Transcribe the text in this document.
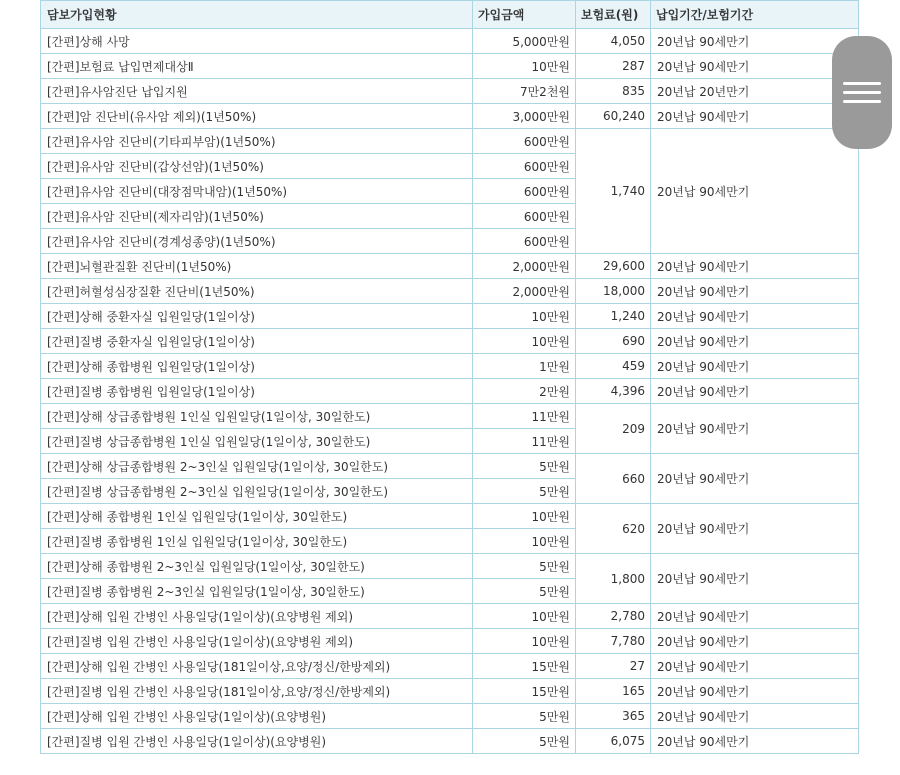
담보가입현황	가입금액	보험료(원)	납입기간/보험기간
[간편]상해 사망	5,000만원	4,050	20년납 90세만기
[간편]보험료 납입면제대상Ⅱ	10만원	287	20년납 90세만기
[간편]유사암진단 납입지원	7만2천원	835	20년납 20년만기
[간편]암 진단비(유사암 제외)(1년50%)	3,000만원	60,240	20년납 90세만기
[간편]유사암 진단비(기타피부암)(1년50%)	600만원	1,740	20년납 90세만기
[간편]유사암 진단비(갑상선암)(1년50%)	600만원		
[간편]유사암 진단비(대장점막내암)(1년50%)	600만원		
[간편]유사암 진단비(제자리암)(1년50%)	600만원		
[간편]유사암 진단비(경계성종양)(1년50%)	600만원		
[간편]뇌혈관질환 진단비(1년50%)	2,000만원	29,600	20년납 90세만기
[간편]허혈성심장질환 진단비(1년50%)	2,000만원	18,000	20년납 90세만기
[간편]상해 중환자실 입원일당(1일이상)	10만원	1,240	20년납 90세만기
[간편]질병 중환자실 입원일당(1일이상)	10만원	690	20년납 90세만기
[간편]상해 종합병원 입원일당(1일이상)	1만원	459	20년납 90세만기
[간편]질병 종합병원 입원일당(1일이상)	2만원	4,396	20년납 90세만기
[간편]상해 상급종합병원 1인실 입원일당(1일이상, 30일한도)	11만원	209	20년납 90세만기
[간편]질병 상급종합병원 1인실 입원일당(1일이상, 30일한도)	11만원		
[간편]상해 상급종합병원 2~3인실 입원일당(1일이상, 30일한도)	5만원	660	20년납 90세만기
[간편]질병 상급종합병원 2~3인실 입원일당(1일이상, 30일한도)	5만원		
[간편]상해 종합병원 1인실 입원일당(1일이상, 30일한도)	10만원	620	20년납 90세만기
[간편]질병 종합병원 1인실 입원일당(1일이상, 30일한도)	10만원		
[간편]상해 종합병원 2~3인실 입원일당(1일이상, 30일한도)	5만원	1,800	20년납 90세만기
[간편]질병 종합병원 2~3인실 입원일당(1일이상, 30일한도)	5만원		
[간편]상해 입원 간병인 사용일당(1일이상)(요양병원 제외)	10만원	2,780	20년납 90세만기
[간편]질병 입원 간병인 사용일당(1일이상)(요양병원 제외)	10만원	7,780	20년납 90세만기
[간편]상해 입원 간병인 사용일당(181일이상,요양/정신/한방제외)	15만원	27	20년납 90세만기
[간편]질병 입원 간병인 사용일당(181일이상,요양/정신/한방제외)	15만원	165	20년납 90세만기
[간편]상해 입원 간병인 사용일당(1일이상)(요양병원)	5만원	365	20년납 90세만기
[간편]질병 입원 간병인 사용일당(1일이상)(요양병원)	5만원	6,075	20년납 90세만기
